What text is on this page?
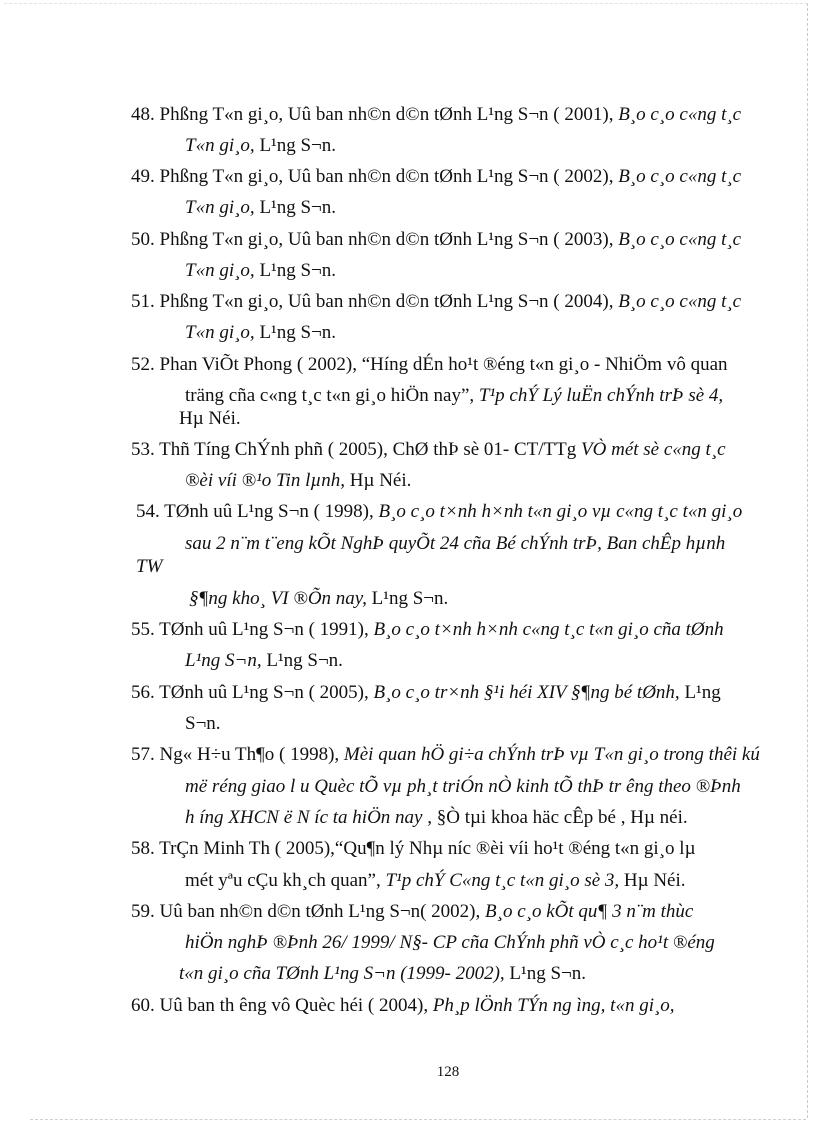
48. Phßng T«n gi¸o, Uû ban nh©n d©n tØnh L¹ng S¬n ( 2001), B¸o c¸o c«ng t¸c
T«n gi¸o, L¹ng S¬n.
49. Phßng T«n gi¸o, Uû ban nh©n d©n tØnh L¹ng S¬n ( 2002), B¸o c¸o c«ng t¸c
T«n gi¸o, L¹ng S¬n.
50. Phßng T«n gi¸o, Uû ban nh©n d©n tØnh L¹ng S¬n ( 2003), B¸o c¸o c«ng t¸c
T«n gi¸o, L¹ng S¬n.
51. Phßng T«n gi¸o, Uû ban nh©n d©n tØnh L¹ng S¬n ( 2004), B¸o c¸o c«ng t¸c
T«n gi¸o, L¹ng S¬n.
52. Phan ViÕt Phong ( 2002), “Híng dÉn ho¹t ®éng t«n gi¸o - NhiÖm vô quan
träng cña c«ng t¸c t«n gi¸o hiÖn nay”, T¹p chÝ Lý luËn chÝnh trÞ sè 4,
Hµ Néi.
53. Thñ Tíng ChÝnh phñ ( 2005), ChØ thÞ sè 01- CT/TTg VÒ mét sè c«ng t¸c
®èi víi ®¹o Tin lµnh, Hµ Néi.
54. TØnh uû L¹ng S¬n ( 1998), B¸o c¸o t×nh h×nh t«n gi¸o vµ c«ng t¸c t«n gi¸o
sau 2 n¨m t¨eng kÕt NghÞ quyÕt 24 cña Bé chÝnh trÞ, Ban chÊp hµnh
TW
§¶ng kho¸ VI ®Õn nay, L¹ng S¬n.
55. TØnh uû L¹ng S¬n ( 1991), B¸o c¸o t×nh h×nh c«ng t¸c t«n gi¸o cña tØnh
L¹ng S¬n, L¹ng S¬n.
56. TØnh uû L¹ng S¬n ( 2005), B¸o c¸o tr×nh §¹i héi XIV §¶ng bé tØnh, L¹ng
S¬n.
57. Ng« H÷u Th¶o ( 1998), Mèi quan hÖ gi÷a chÝnh trÞ vµ T«n gi¸o trong thêi kú
më réng giao l u Quèc tÕ vµ ph¸t triÓn nÒ kinh tÕ thÞ tr êng theo ®Þnh
h íng XHCN ë N íc ta hiÖn nay , §Ò tµi khoa häc cÊp bé , Hµ néi.
58. TrÇn Minh Th ( 2005),“Qu¶n lý Nhµ níc ®èi víi ho¹t ®éng t«n gi¸o lµ
mét yªu cÇu kh¸ch quan”, T¹p chÝ C«ng t¸c t«n gi¸o sè 3, Hµ Néi.
59. Uû ban nh©n d©n tØnh L¹ng S¬n( 2002), B¸o c¸o kÕt qu¶ 3 n¨m thùc
hiÖn nghÞ ®Þnh 26/ 1999/ N§- CP cña ChÝnh phñ vÒ c¸c ho¹t ®éng
t«n gi¸o cña TØnh L¹ng S¬n (1999- 2002), L¹ng S¬n.
60. Uû ban th êng vô Quèc héi ( 2004), Ph¸p lÖnh TÝn ng ìng, t«n gi¸o,
128
